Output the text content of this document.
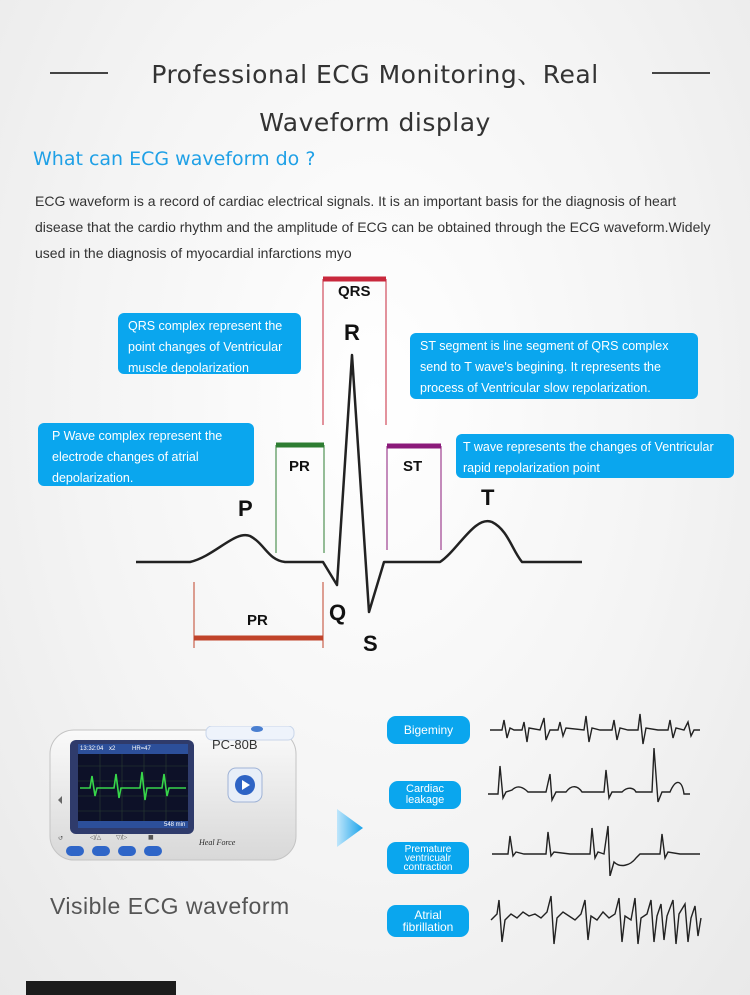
Professional ECG Monitoring、Real
Waveform display
What can ECG waveform do ?
ECG waveform is a record of cardiac electrical signals. It is an important basis for the diagnosis of heart disease that the cardio rhythm and the amplitude of ECG can be obtained through the ECG waveform.Widely used in the diagnosis of myocardial infarctions myo
QRS
PR	ST
PR
R
P	T
Q
S
QRS complex represent the point changes of Ventricular muscle depolarization
ST segment is line segment of QRS complex send to T wave's begining. It represents the process of Ventricular slow repolarization.
P Wave complex represent the electrode changes of atrial depolarization.
T wave represents the changes of Ventricular rapid repolarization point
↺	◁/△ ▽/▷	■
PC-80B
Heal Force
13:32:04 x2	HR=47
548 min
Bigeminy
Cardiac leakage
Premature ventricualr contraction
Atrial fibrillation
Visible ECG waveform
